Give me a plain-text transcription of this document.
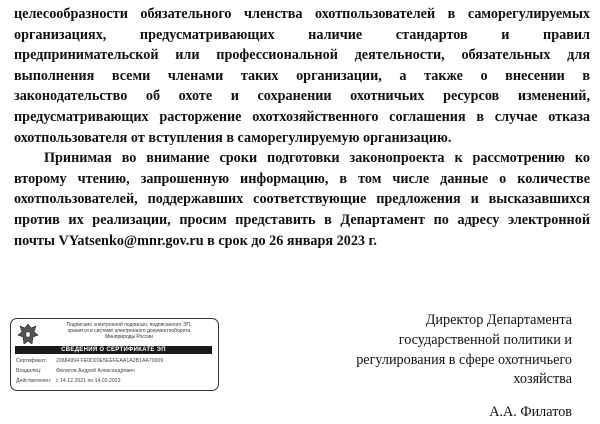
целесообразности обязательного членства охотпользователей в саморегулируемых
организациях, предусматривающих наличие стандартов и правил
предпринимательской или профессиональной деятельности, обязательных для
выполнения всеми членами таких организации, а также о внесении в
законодательство об охоте и сохранении охотничьих ресурсов изменений,
предусматривающих расторжение охотхозяйственного соглашения в случае отказа
охотпользователя от вступления в саморегулируемую организацию.

Принимая во внимание сроки подготовки законопроекта к рассмотрению ко
второму чтению, запрошенную информацию, в том числе данные о количестве
охотпользователей, поддержавших соответствующие предложения и высказавшихся
против их реализации, просим представить в Департамент по адресу электронной
почты VYatsenko@mnr.gov.ru в срок до 26 января 2023 г.

Подписано электронной подписью, подписанного ЭП,
хранится в системе электронного документооборота
Минприроды России
СВЕДЕНИЯ О СЕРТИФИКАТЕ ЭП
Сертификат:	20684994 FE0D20E5EEFEAA1A2B1AA70009
Владелец:	Филатов Андрей Александрович
Действителен: с 14.12.2021 по 14.03.2023
Директор Департамента
государственной политики и
регулирования в сфере охотничьего
хозяйства
А.А. Филатов
